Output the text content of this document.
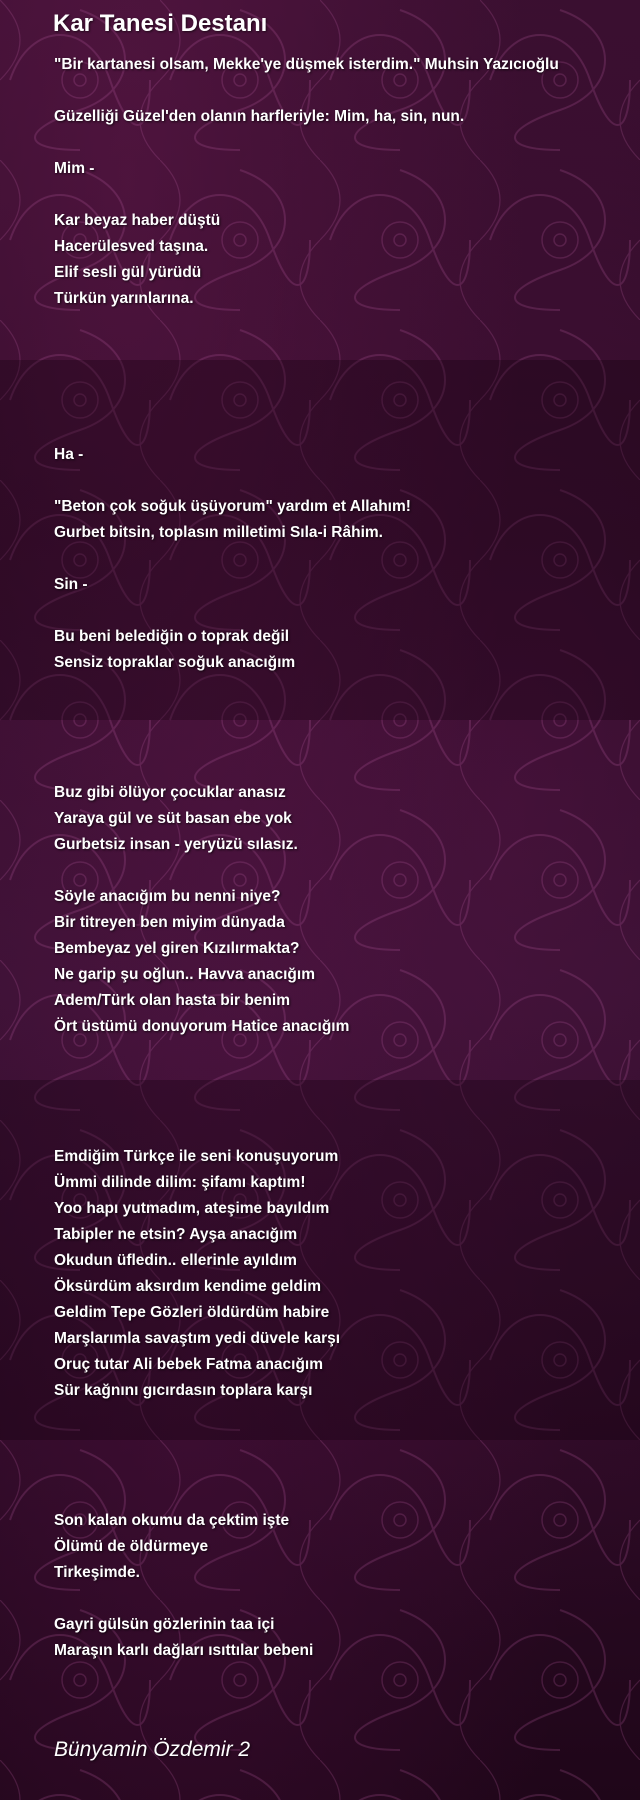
Kar Tanesi Destanı
"Bir kartanesi olsam, Mekke'ye düşmek isterdim." Muhsin Yazıcıoğlu
Güzelliği Güzel'den olanın harfleriyle: Mim, ha, sin, nun.
Mim -
Kar beyaz haber düştü
Hacerülesved taşına.
Elif sesli gül yürüdü
Türkün yarınlarına.
Ha -
"Beton çok soğuk üşüyorum" yardım et Allahım!
Gurbet bitsin, toplasın milletimi Sıla-i Râhim.
Sin -
Bu beni belediğin o toprak değil
Sensiz topraklar soğuk anacığım
Buz gibi ölüyor çocuklar anasız
Yaraya gül ve süt basan ebe yok
Gurbetsiz insan - yeryüzü sılasız.
Söyle anacığım bu nenni niye?
Bir titreyen ben miyim dünyada
Bembeyaz yel giren Kızılırmakta?
Ne garip şu oğlun.. Havva anacığım
Adem/Türk olan hasta bir benim
Ört üstümü donuyorum Hatice anacığım
Emdiğim Türkçe ile seni konuşuyorum
Ümmi dilinde dilim: şifamı kaptım!
Yoo hapı yutmadım, ateşime bayıldım
Tabipler ne etsin? Ayşa anacığım
Okudun üfledin.. ellerinle ayıldım
Öksürdüm aksırdım kendime geldim
Geldim Tepe Gözleri öldürdüm habire
Marşlarımla savaştım yedi düvele karşı
Oruç tutar Ali bebek Fatma anacığım
Sür kağnını gıcırdasın toplara karşı
Son kalan okumu da çektim işte
Ölümü de öldürmeye
Tirkeşimde.
Gayri gülsün gözlerinin taa içi
Maraşın karlı dağları ısıttılar bebeni
Bünyamin Özdemir 2
